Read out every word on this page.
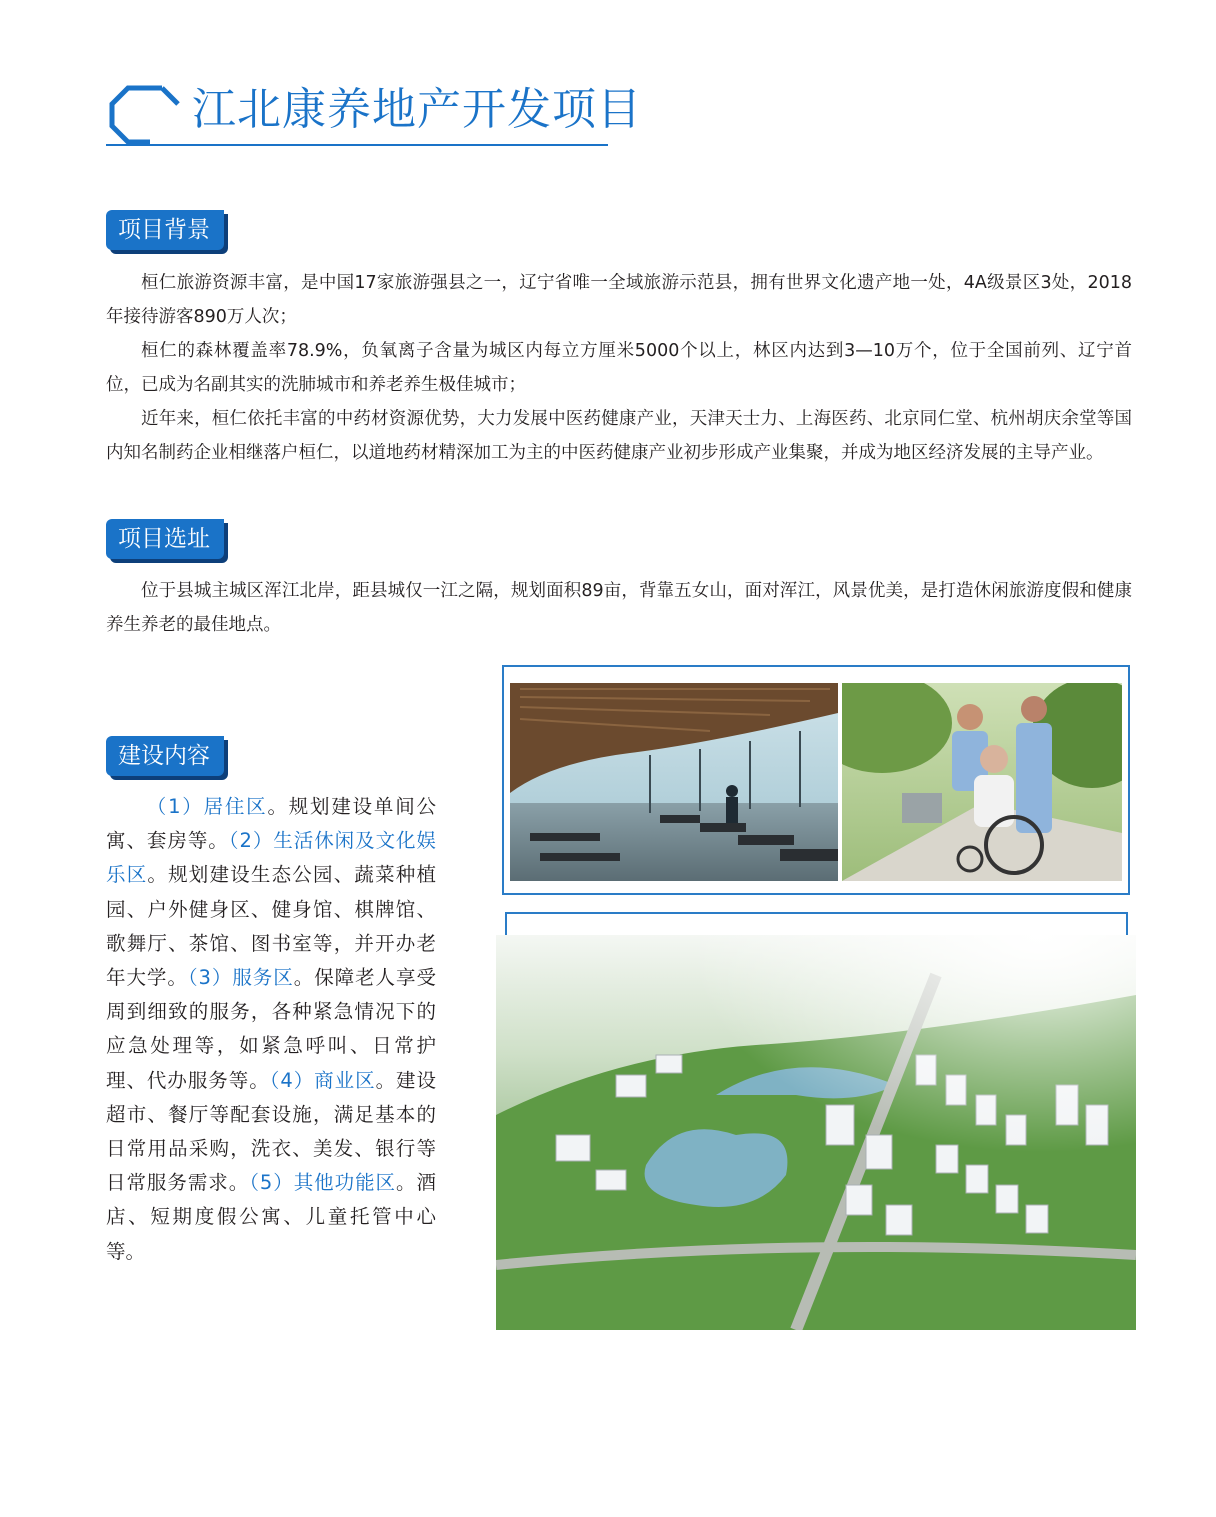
江北康养地产开发项目
项目背景

桓仁旅游资源丰富，是中国17家旅游强县之一，辽宁省唯一全域旅游示范县，拥有世界文化遗产地一处，4A级景区3处，2018年接待游客890万人次；

桓仁的森林覆盖率78.9%，负氧离子含量为城区内每立方厘米5000个以上，林区内达到3—10万个，位于全国前列、辽宁首位，已成为名副其实的洗肺城市和养老养生极佳城市；

近年来，桓仁依托丰富的中药材资源优势，大力发展中医药健康产业，天津天士力、上海医药、北京同仁堂、杭州胡庆余堂等国内知名制药企业相继落户桓仁，以道地药材精深加工为主的中医药健康产业初步形成产业集聚，并成为地区经济发展的主导产业。

项目选址

位于县城主城区浑江北岸，距县城仅一江之隔，规划面积89亩，背靠五女山，面对浑江，风景优美，是打造休闲旅游度假和健康养生养老的最佳地点。

建设内容
（1）居住区。规划建设单间公寓、套房等。（2）生活休闲及文化娱乐区。规划建设生态公园、蔬菜种植园、户外健身区、健身馆、棋牌馆、歌舞厅、茶馆、图书室等，并开办老年大学。（3）服务区。保障老人享受周到细致的服务，各种紧急情况下的应急处理等，如紧急呼叫、日常护理、代办服务等。（4）商业区。建设超市、餐厅等配套设施，满足基本的日常用品采购，洗衣、美发、银行等日常服务需求。（5）其他功能区。酒店、短期度假公寓、儿童托管中心等。
